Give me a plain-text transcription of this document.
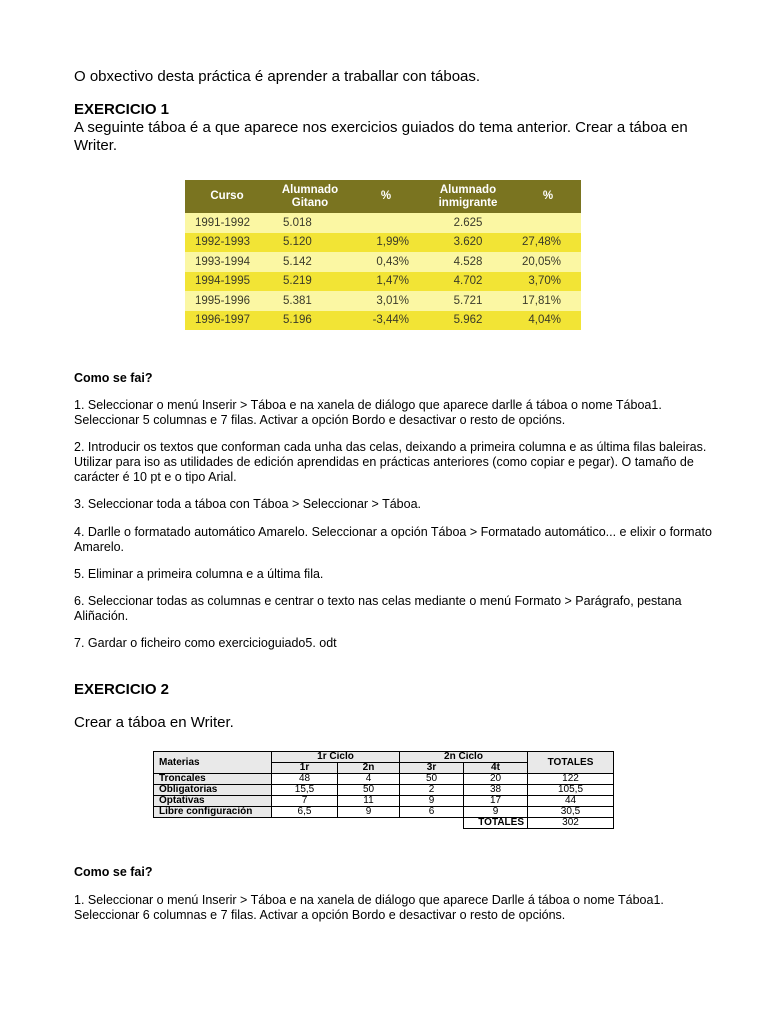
O obxectivo desta práctica é aprender a traballar con táboas.
EXERCICIO 1
A seguinte táboa é a que aparece nos exercicios guiados do tema anterior. Crear a táboa en Writer.
Curso	Alumnado Gitano	%	Alumnado inmigrante	%
1991-1992	5.018		2.625	
1992-1993	5.120	1,99%	3.620	27,48%
1993-1994	5.142	0,43%	4.528	20,05%
1994-1995	5.219	1,47%	4.702	3,70%
1995-1996	5.381	3,01%	5.721	17,81%
1996-1997	5.196	-3,44%	5.962	4,04%
Como se fai?
1. Seleccionar o menú Inserir > Táboa e na xanela de diálogo que aparece darlle á táboa o nome Táboa1. Seleccionar 5 columnas e 7 filas. Activar a opción Bordo e desactivar o resto de opcións.
2. Introducir os textos que conforman cada unha das celas, deixando a primeira columna e as última filas baleiras. Utilizar para iso as utilidades de edición aprendidas en prácticas anteriores (como copiar e pegar). O tamaño de carácter é 10 pt e o tipo Arial.
3. Seleccionar toda a táboa con Táboa > Seleccionar > Táboa.
4. Darlle o formatado automático Amarelo. Seleccionar a opción Táboa > Formatado automático... e elixir o formato Amarelo.
5. Eliminar a primeira columna e a última fila.
6. Seleccionar todas as columnas e centrar o texto nas celas mediante o menú Formato > Parágrafo, pestana Aliñación.
7. Gardar o ficheiro como exercicioguiado5. odt
EXERCICIO 2
Crear a táboa en Writer.
Materias	1r Ciclo		2n Ciclo		TOTALES
	1r	2n	3r	4t	
Troncales	48	4	50	20	122
Obligatorias	15,5	50	2	38	105,5
Optativas	7	11	9	17	44
Libre configuración	6,5	9	6	9	30,5
				TOTALES	302
Como se fai?
1. Seleccionar o menú Inserir > Táboa e na xanela de diálogo que aparece Darlle á táboa o nome Táboa1. Seleccionar 6 columnas e 7 filas. Activar a opción Bordo e desactivar o resto de opcións.
